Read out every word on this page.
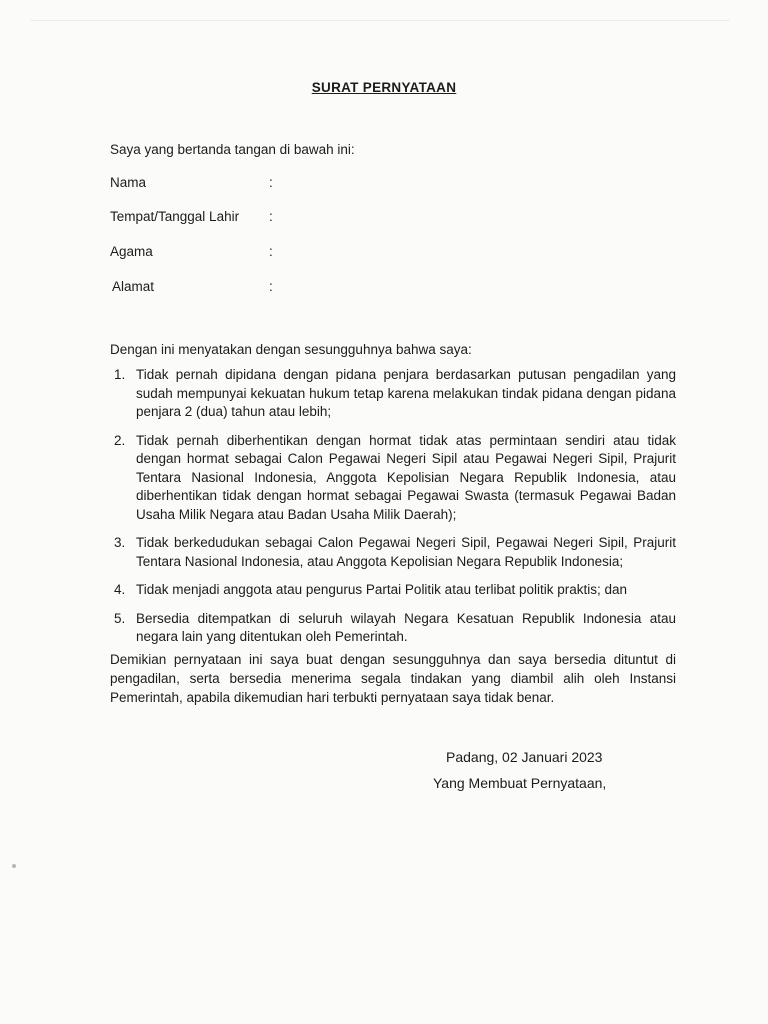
SURAT PERNYATAAN
Saya yang bertanda tangan di bawah ini:
Nama	:
Tempat/Tanggal Lahir :
Agama	:
Alamat	:
Dengan ini menyatakan dengan sesungguhnya bahwa saya:
1. Tidak pernah dipidana dengan pidana penjara berdasarkan putusan pengadilan yang sudah mempunyai kekuatan hukum tetap karena melakukan tindak pidana dengan pidana penjara 2 (dua) tahun atau lebih;
2. Tidak pernah diberhentikan dengan hormat tidak atas permintaan sendiri atau tidak dengan hormat sebagai Calon Pegawai Negeri Sipil atau Pegawai Negeri Sipil, Prajurit Tentara Nasional Indonesia, Anggota Kepolisian Negara Republik Indonesia, atau diberhentikan tidak dengan hormat sebagai Pegawai Swasta (termasuk Pegawai Badan Usaha Milik Negara atau Badan Usaha Milik Daerah);
3. Tidak berkedudukan sebagai Calon Pegawai Negeri Sipil, Pegawai Negeri Sipil, Prajurit Tentara Nasional Indonesia, atau Anggota Kepolisian Negara Republik Indonesia;
4. Tidak menjadi anggota atau pengurus Partai Politik atau terlibat politik praktis; dan
5. Bersedia ditempatkan di seluruh wilayah Negara Kesatuan Republik Indonesia atau negara lain yang ditentukan oleh Pemerintah.
Demikian pernyataan ini saya buat dengan sesungguhnya dan saya bersedia dituntut di pengadilan, serta bersedia menerima segala tindakan yang diambil alih oleh Instansi Pemerintah, apabila dikemudian hari terbukti pernyataan saya tidak benar.
Padang, 02 Januari 2023
Yang Membuat Pernyataan,
